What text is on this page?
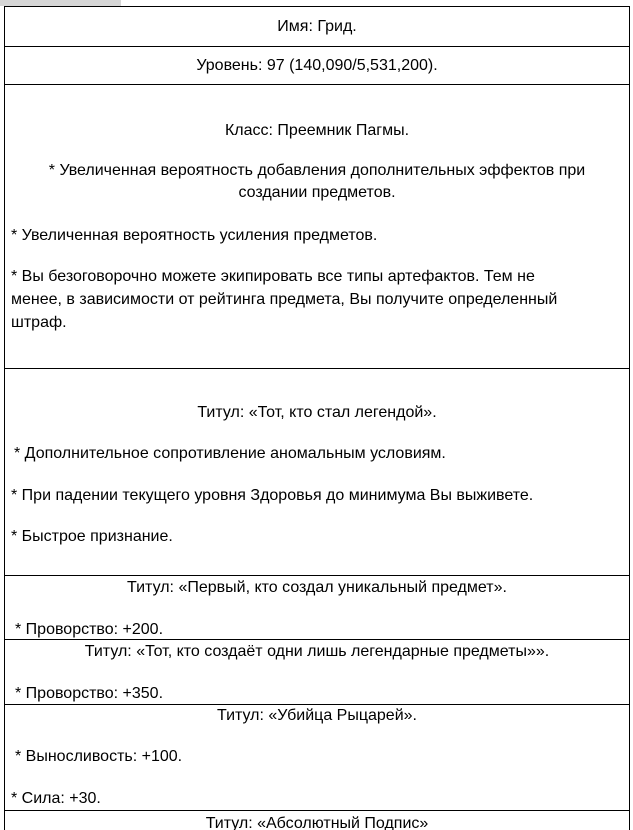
Имя: Грид.
Уровень: 97 (140,090/5,531,200).
Класс: Преемник Пагмы.
* Увеличенная вероятность добавления дополнительных эффектов при
создании предметов.
* Увеличенная вероятность усиления предметов.
* Вы безоговорочно можете экипировать все типы артефактов. Тем не
менее, в зависимости от рейтинга предмета, Вы получите определенный
штраф.
Титул: «Тот, кто стал легендой».
* Дополнительное сопротивление аномальным условиям.
* При падении текущего уровня Здоровья до минимума Вы выживете.
* Быстрое признание.
Титул: «Первый, кто создал уникальный предмет».
* Проворство: +200.
Титул: «Тот, кто создаёт одни лишь легендарные предметы»».
* Проворство: +350.
Титул: «Убийца Рыцарей».
* Выносливость: +100.
* Сила: +30.
Титул: «Абсолютный Подпис»
